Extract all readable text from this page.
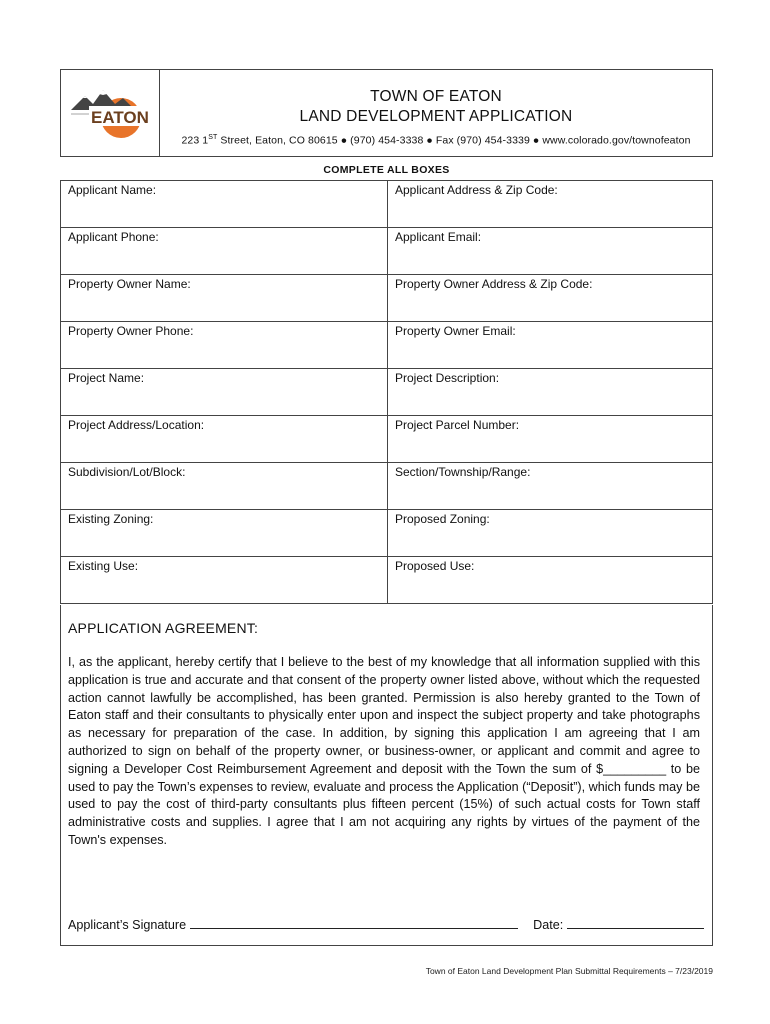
EATON
TOWN OF EATON
LAND DEVELOPMENT APPLICATION
223 1ST Street, Eaton, CO 80615 ● (970) 454-3338 ● Fax (970) 454-3339 ● www.colorado.gov/townofeaton
COMPLETE ALL BOXES
Applicant Name:	Applicant Address & Zip Code:
Applicant Phone:	Applicant Email:
Property Owner Name:	Property Owner Address & Zip Code:
Property Owner Phone:	Property Owner Email:
Project Name:	Project Description:
Project Address/Location:	Project Parcel Number:
Subdivision/Lot/Block:	Section/Township/Range:
Existing Zoning:	Proposed Zoning:
Existing Use:	Proposed Use:
APPLICATION AGREEMENT:

I, as the applicant, hereby certify that I believe to the best of my knowledge that all information supplied with this application is true and accurate and that consent of the property owner listed above, without which the requested action cannot lawfully be accomplished, has been granted. Permission is also hereby granted to the Town of Eaton staff and their consultants to physically enter upon and inspect the subject property and take photographs as necessary for preparation of the case. In addition, by signing this application I am agreeing that I am authorized to sign on behalf of the property owner, or business-owner, or applicant and commit and agree to signing a Developer Cost Reimbursement Agreement and deposit with the Town the sum of $_________ to be used to pay the Town’s expenses to review, evaluate and process the Application (“Deposit”), which funds may be used to pay the cost of third-party consultants plus fifteen percent (15%) of such actual costs for Town staff administrative costs and supplies. I agree that I am not acquiring any rights by virtues of the payment of the Town's expenses.

Applicant’s Signature	Date:
Town of Eaton Land Development Plan Submittal Requirements – 7/23/2019
